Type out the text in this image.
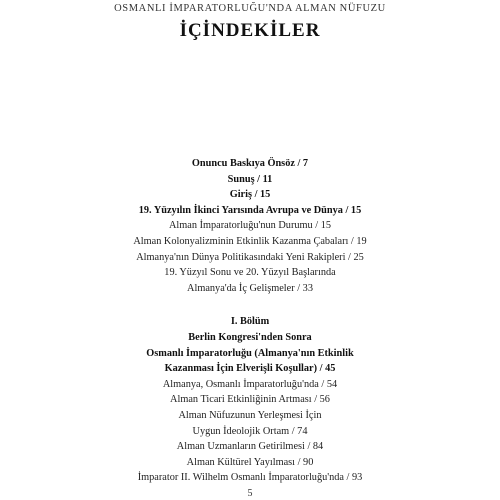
OSMANLI İMPARATORLUĞU'NDA ALMAN NÜFUZU
İÇİNDEKİLER
Onuncu Baskıya Önsöz / 7
Sunuş / 11
Giriş / 15
19. Yüzyılın İkinci Yarısında Avrupa ve Dünya / 15
Alman İmparatorluğu'nun Durumu / 15
Alman Kolonyalizminin Etkinlik Kazanma Çabaları / 19
Almanya'nın Dünya Politikasındaki Yeni Rakipleri / 25
19. Yüzyıl Sonu ve 20. Yüzyıl Başlarında
Almanya'da İç Gelişmeler / 33
I. Bölüm
Berlin Kongresi'nden Sonra
Osmanlı İmparatorluğu (Almanya'nın Etkinlik
Kazanması İçin Elverişli Koşullar) / 45
Almanya, Osmanlı İmparatorluğu'nda / 54
Alman Ticari Etkinliğinin Artması / 56
Alman Nüfuzunun Yerleşmesi İçin
Uygun İdeolojik Ortam / 74
Alman Uzmanların Getirilmesi / 84
Alman Kültürel Yayılması / 90
İmparator II. Wilhelm Osmanlı İmparatorluğu'nda / 93
5
